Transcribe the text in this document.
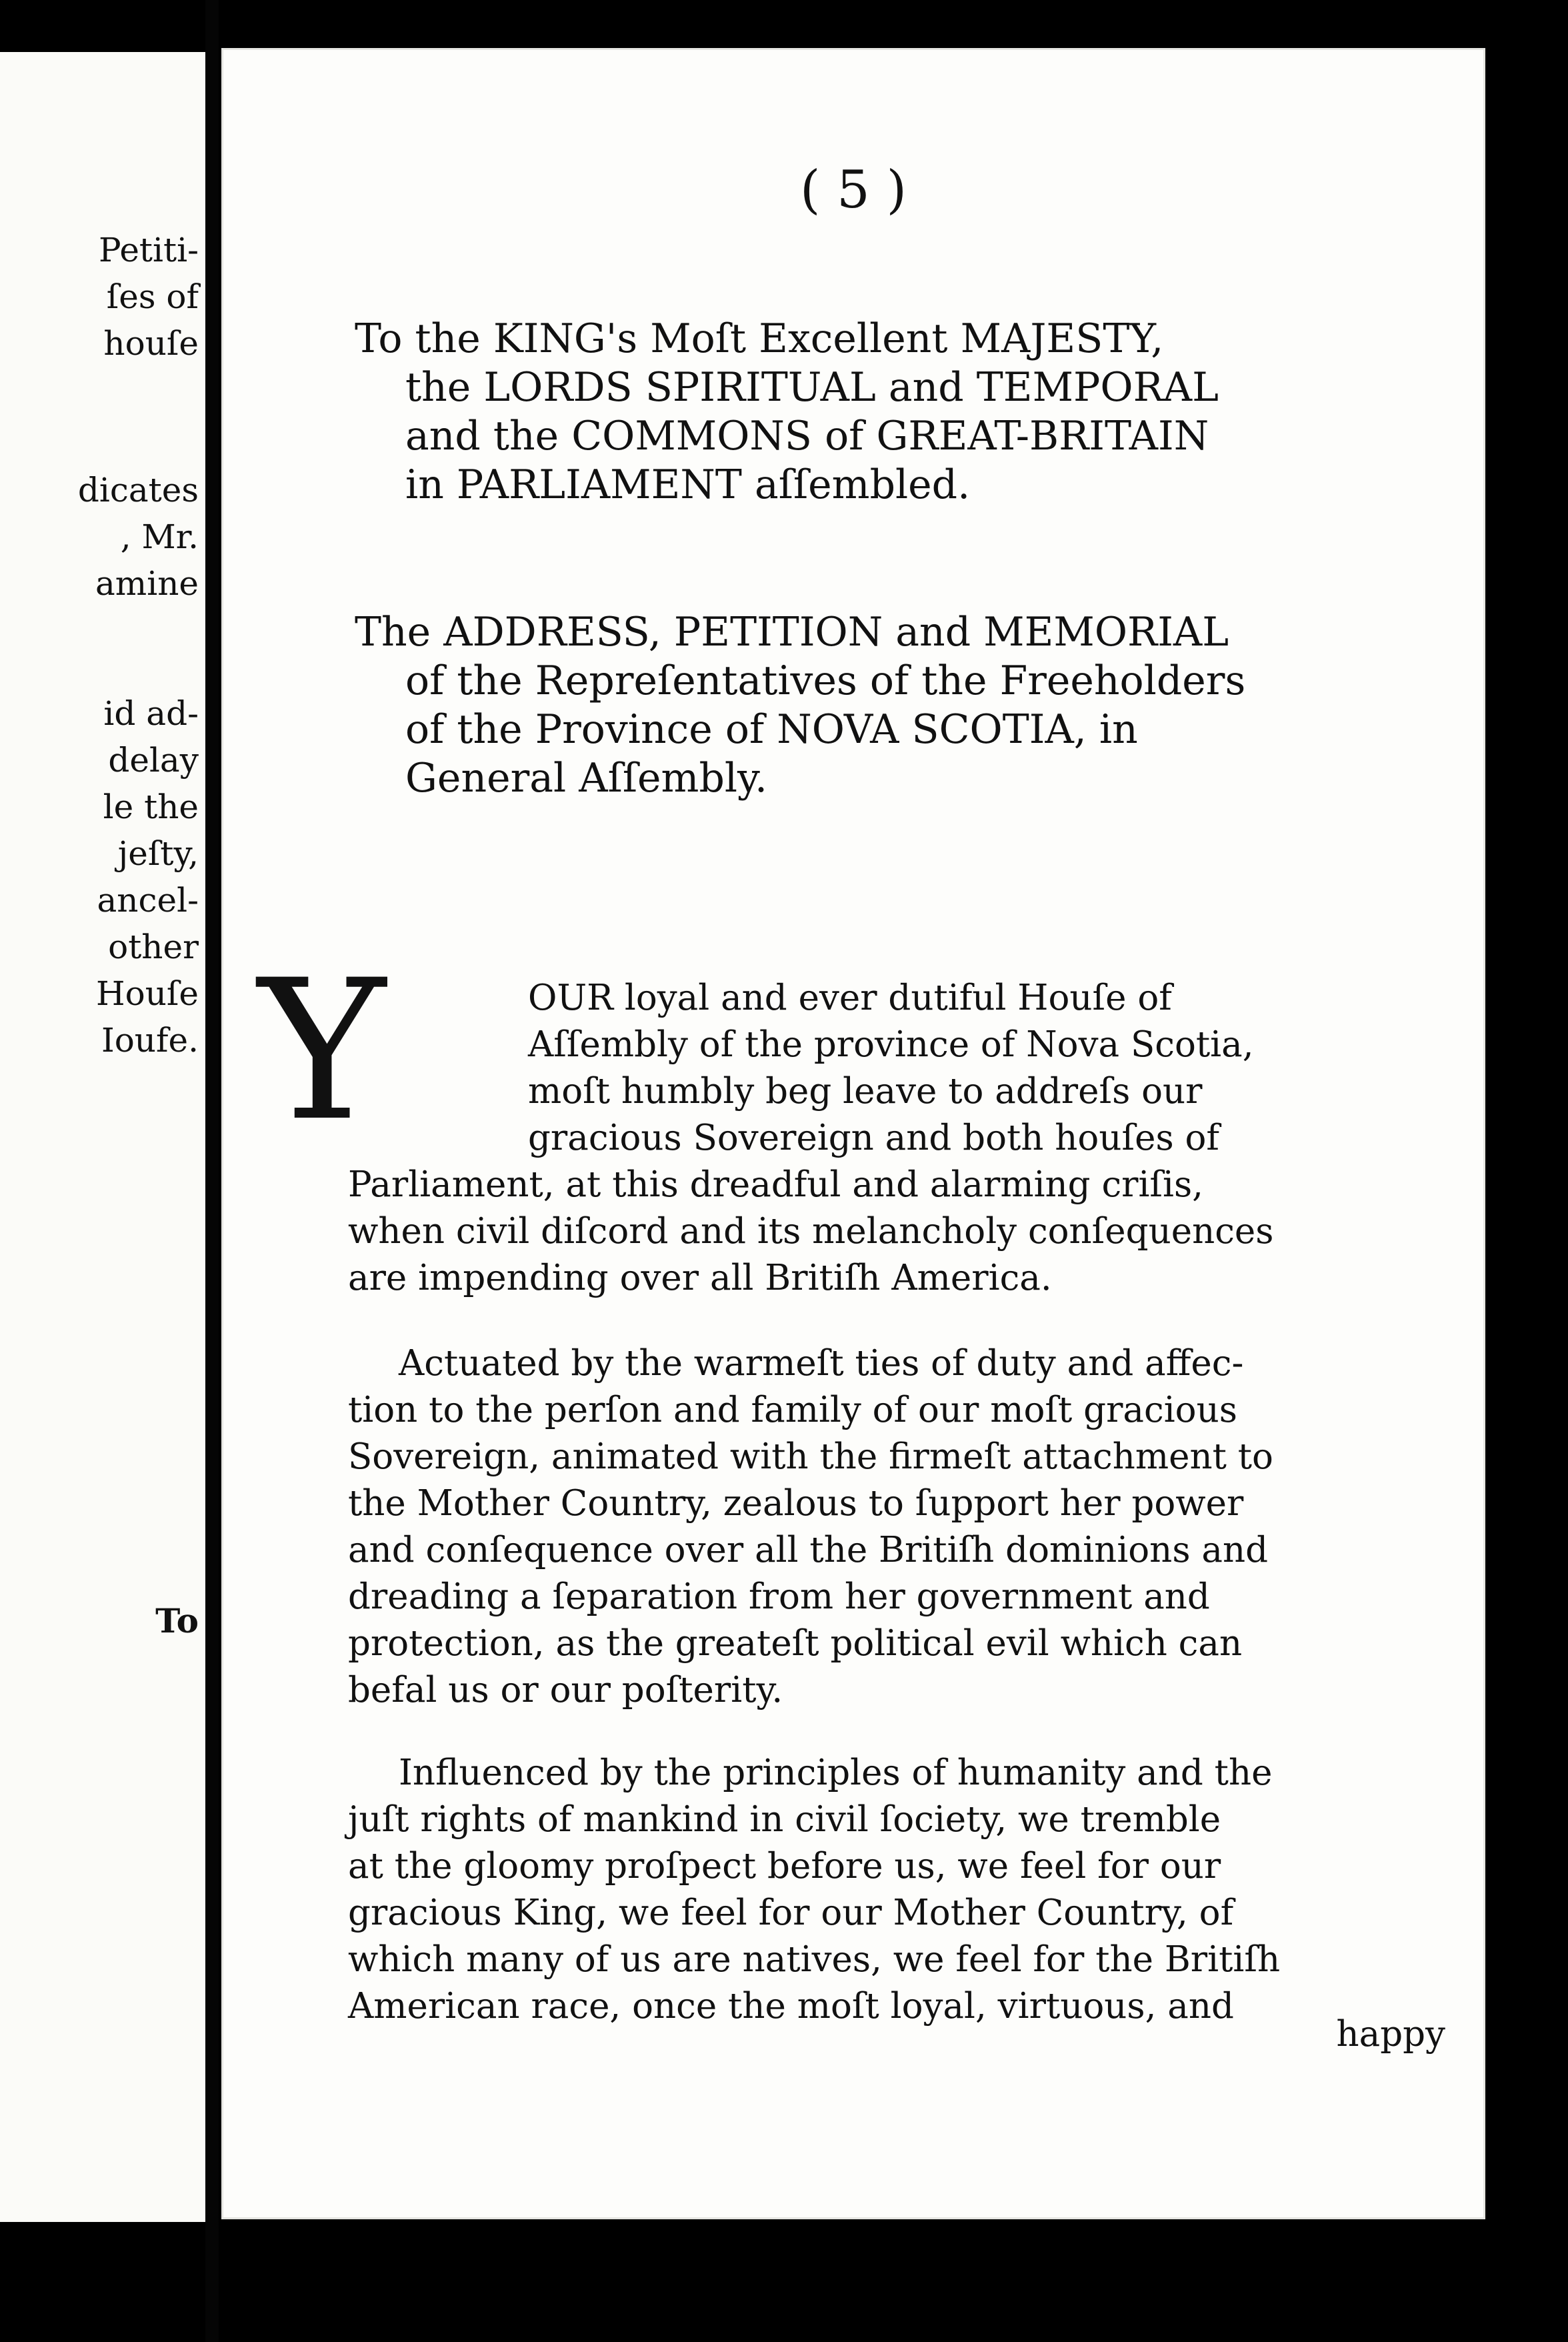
Petiti-
ſes of
houſe
dicates
, Mr.
amine
id ad-
delay
le the
jeſty,
ancel-
other
Houſe
Ioufe.
To
( 5 )
To the KING's Moſt Excellent MAJESTY,
the LORDS SPIRITUAL and TEMPORAL
and the COMMONS of GREAT-BRITAIN
in PARLIAMENT aſſembled.
The ADDRESS, PETITION and MEMORIAL
of the Repreſentatives of the Freeholders
of the Province of NOVA SCOTIA, in
General Aſſembly.
Y	OUR loyal and ever dutiful Houſe of
Aſſembly of the province of Nova Scotia,
moſt humbly beg leave to addreſs our
gracious Sovereign and both houſes of
Parliament, at this dreadful and alarming criſis,
when civil diſcord and its melancholy conſequences
are impending over all Britiſh America.
Actuated by the warmeſt ties of duty and affec-
tion to the perſon and family of our moſt gracious
Sovereign, animated with the firmeſt attachment to
the Mother Country, zealous to ſupport her power
and conſequence over all the Britiſh dominions and
dreading a ſeparation from her government and
protection, as the greateſt political evil which can
befal us or our poſterity.
Influenced by the principles of humanity and the
juſt rights of mankind in civil ſociety, we tremble
at the gloomy proſpect before us, we feel for our
gracious King, we feel for our Mother Country, of
which many of us are natives, we feel for the Britiſh
American race, once the moſt loyal, virtuous, and
happy
